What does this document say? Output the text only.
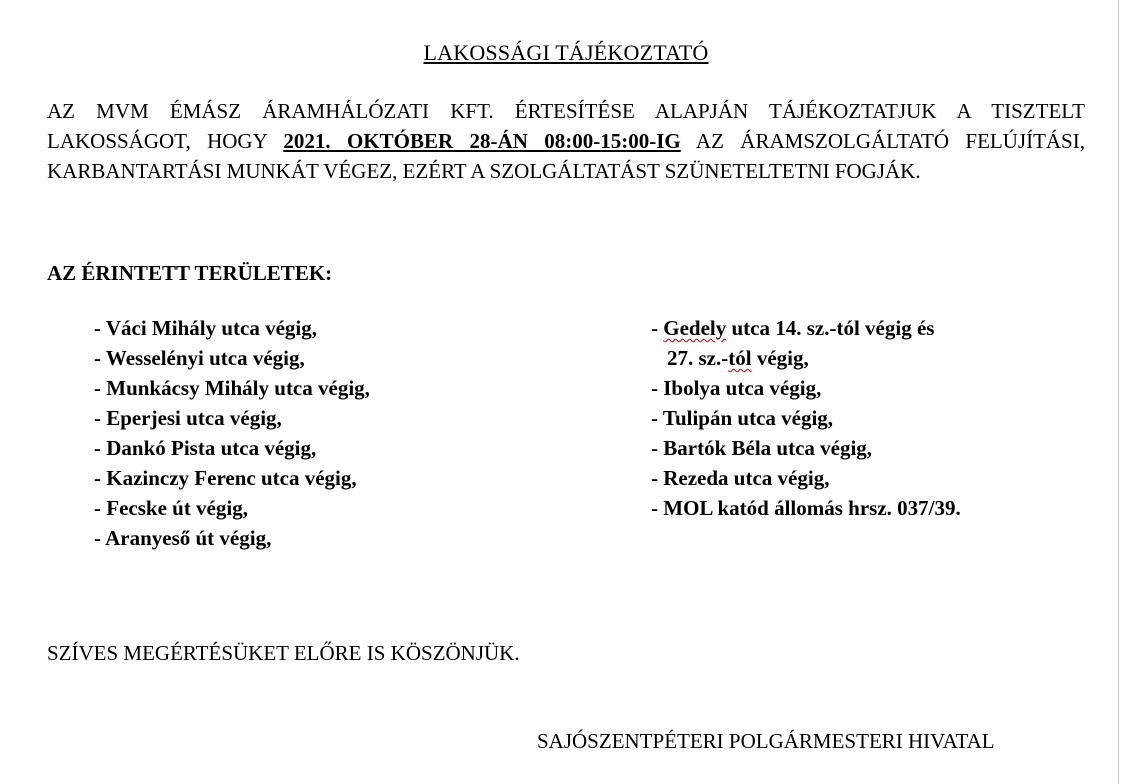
LAKOSSÁGI TÁJÉKOZTATÓ
AZ MVM ÉMÁSZ ÁRAMHÁLÓZATI KFT. ÉRTESÍTÉSE ALAPJÁN TÁJÉKOZTATJUK A TISZTELT LAKOSSÁGOT, HOGY 2021. OKTÓBER 28-ÁN 08:00-15:00-IG AZ ÁRAMSZOLGÁLTATÓ FELÚJÍTÁSI, KARBANTARTÁSI MUNKÁT VÉGEZ, EZÉRT A SZOLGÁLTATÁST SZÜNETELTETNI FOGJÁK.
AZ ÉRINTETT TERÜLETEK:
- Váci Mihály utca végig,
- Wesselényi utca végig,
- Munkácsy Mihály utca végig,
- Eperjesi utca végig,
- Dankó Pista utca végig,
- Kazinczy Ferenc utca végig,
- Fecske út végig,
- Aranyeső út végig,
- Gedely utca 14. sz.-tól végig és
27. sz.-tól végig,
- Ibolya utca végig,
- Tulipán utca végig,
- Bartók Béla utca végig,
- Rezeda utca végig,
- MOL katód állomás hrsz. 037/39.
SZÍVES MEGÉRTÉSÜKET ELŐRE IS KÖSZÖNJÜK.
SAJÓSZENTPÉTERI POLGÁRMESTERI HIVATAL
